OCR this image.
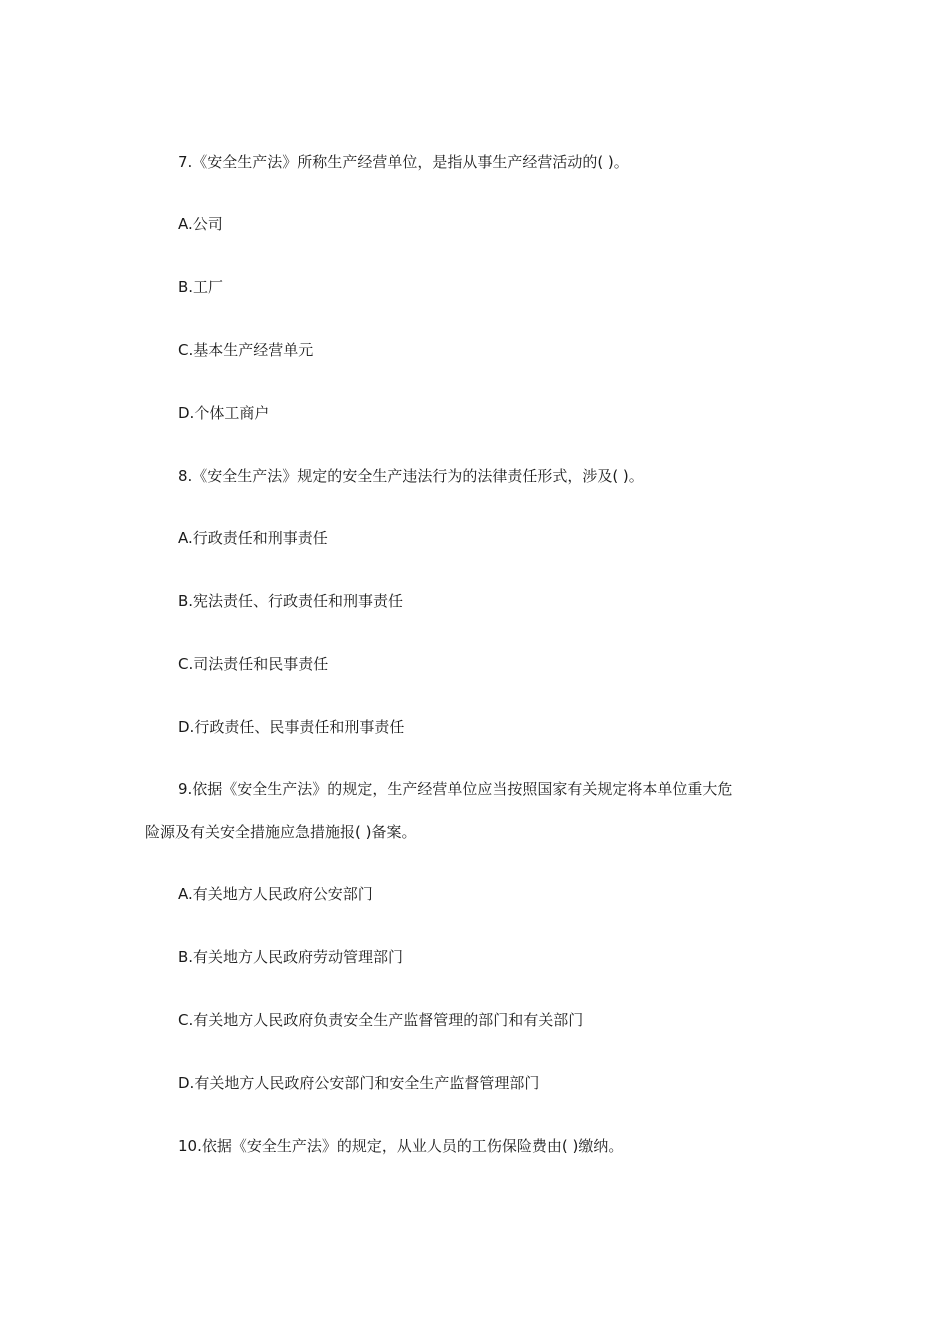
7.《安全生产法》所称生产经营单位，是指从事生产经营活动的( )。
A.公司
B.工厂
C.基本生产经营单元
D.个体工商户
8.《安全生产法》规定的安全生产违法行为的法律责任形式，涉及( )。
A.行政责任和刑事责任
B.宪法责任、行政责任和刑事责任
C.司法责任和民事责任
D.行政责任、民事责任和刑事责任
9.依据《安全生产法》的规定，生产经营单位应当按照国家有关规定将本单位重大危
险源及有关安全措施应急措施报( )备案。
A.有关地方人民政府公安部门
B.有关地方人民政府劳动管理部门
C.有关地方人民政府负责安全生产监督管理的部门和有关部门
D.有关地方人民政府公安部门和安全生产监督管理部门
10.依据《安全生产法》的规定，从业人员的工伤保险费由( )缴纳。
